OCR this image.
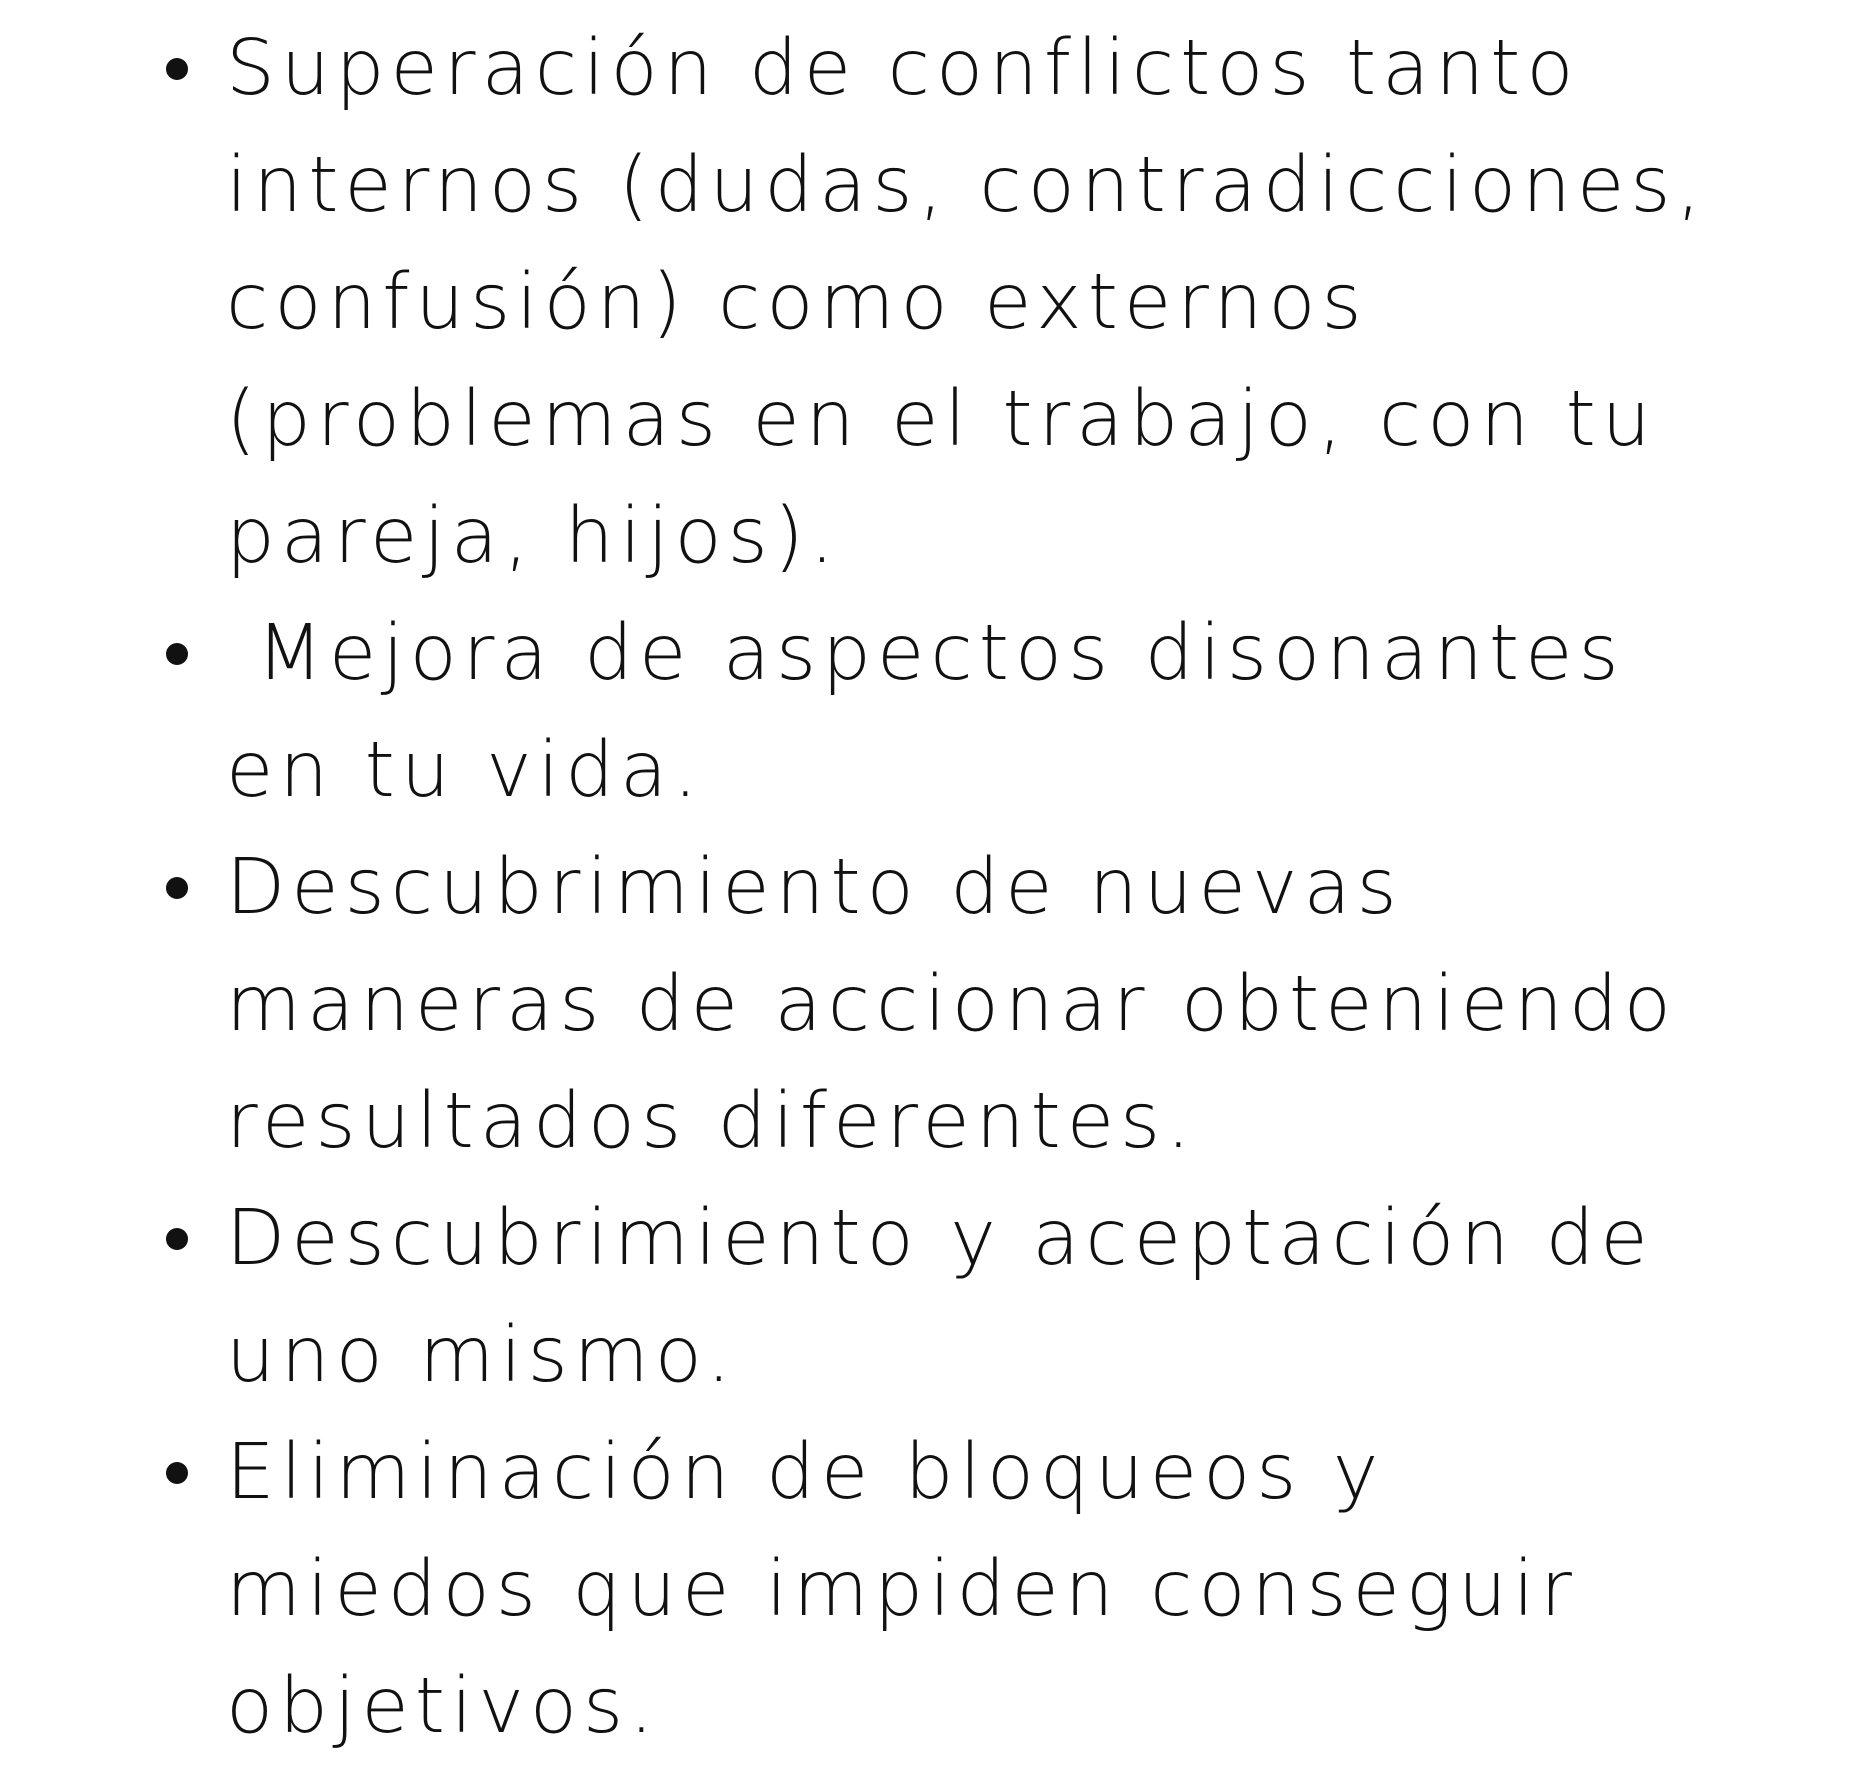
Superación de conflictos tanto
internos (dudas, contradicciones,
confusión) como externos
(problemas en el trabajo, con tu
pareja, hijos).
Mejora de aspectos disonantes
en tu vida.
Descubrimiento de nuevas
maneras de accionar obteniendo
resultados diferentes.
Descubrimiento y aceptación de
uno mismo.
Eliminación de bloqueos y
miedos que impiden conseguir
objetivos.
